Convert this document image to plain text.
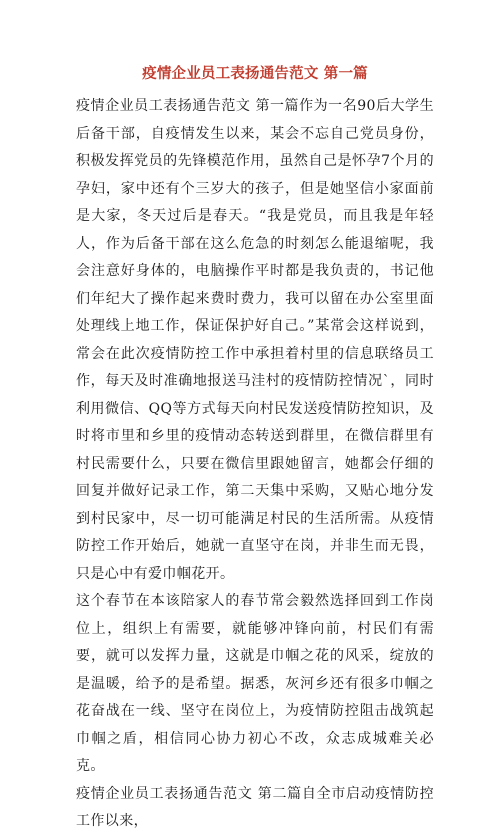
疫情企业员工表扬通告范文 第一篇

疫情企业员工表扬通告范文 第一篇作为一名90后大学生后备干部，自疫情发生以来，某会不忘自己党员身份，积极发挥党员的先锋模范作用，虽然自己是怀孕7个月的孕妇，家中还有个三岁大的孩子，但是她坚信小家面前是大家，冬天过后是春天。“我是党员，而且我是年轻人，作为后备干部在这么危急的时刻怎么能退缩呢，我会注意好身体的，电脑操作平时都是我负责的，书记他们年纪大了操作起来费时费力，我可以留在办公室里面处理线上地工作，保证保护好自己。”某常会这样说到，常会在此次疫情防控工作中承担着村里的信息联络员工作，每天及时准确地报送马洼村的疫情防控情况`，同时利用微信、QQ等方式每天向村民发送疫情防控知识，及时将市里和乡里的疫情动态转送到群里，在微信群里有村民需要什么，只要在微信里跟她留言，她都会仔细的回复并做好记录工作，第二天集中采购，又贴心地分发到村民家中，尽一切可能满足村民的生活所需。从疫情防控工作开始后，她就一直坚守在岗，并非生而无畏，只是心中有爱巾帼花开。

这个春节在本该陪家人的春节常会毅然选择回到工作岗位上，组织上有需要，就能够冲锋向前，村民们有需要，就可以发挥力量，这就是巾帼之花的风采，绽放的是温暖，给予的是希望。据悉，灰河乡还有很多巾帼之花奋战在一线、坚守在岗位上，为疫情防控阻击战筑起巾帼之盾，相信同心协力初心不改，众志成城难关必克。

疫情企业员工表扬通告范文 第二篇自全市启动疫情防控工作以来，
